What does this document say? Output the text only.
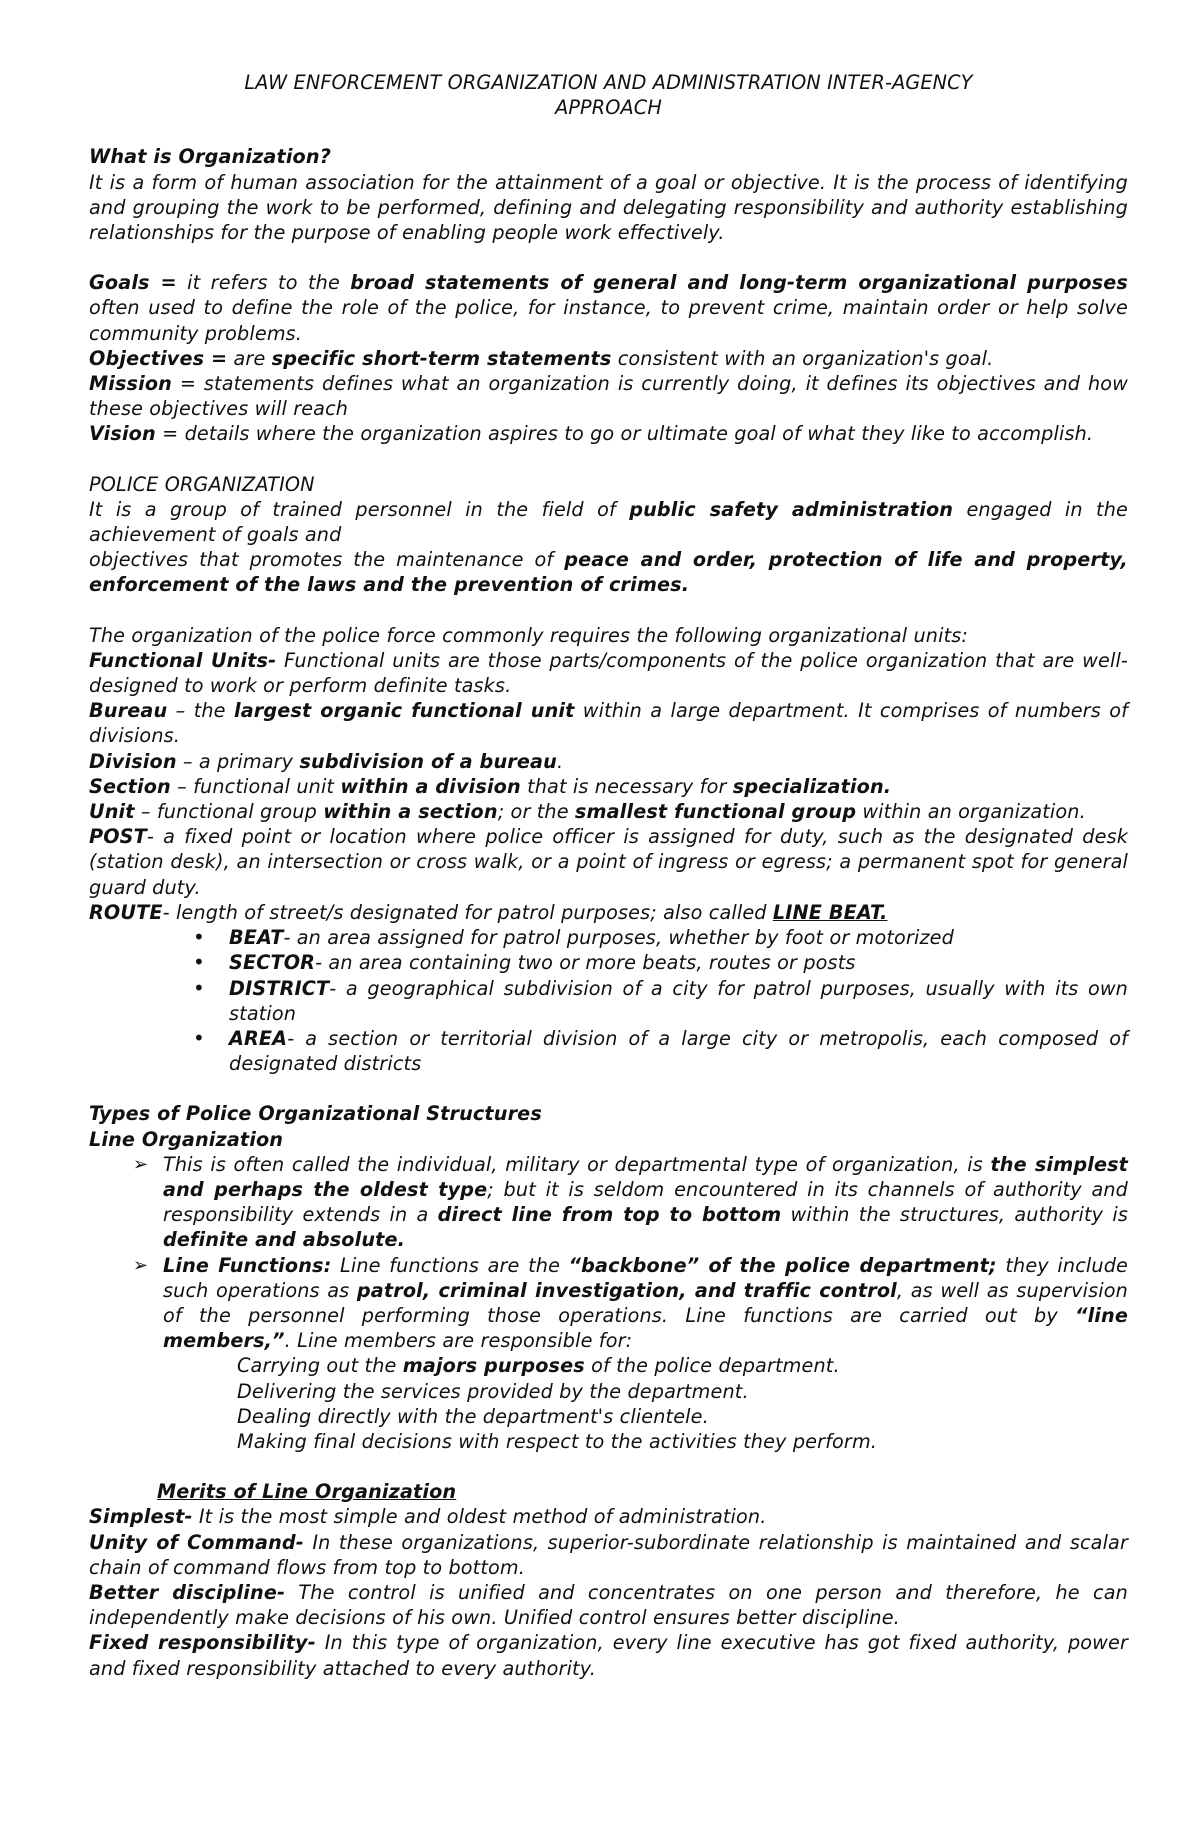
LAW ENFORCEMENT ORGANIZATION AND ADMINISTRATION INTER-AGENCY
APPROACH

What is Organization?

It is a form of human association for the attainment of a goal or objective. It is the process of identifying and grouping the work to be performed, defining and delegating responsibility and authority establishing relationships for the purpose of enabling people work effectively.

Goals = it refers to the broad statements of general and long-term organizational purposes often used to define the role of the police, for instance, to prevent crime, maintain order or help solve community problems.

Objectives = are specific short-term statements consistent with an organization's goal.

Mission = statements defines what an organization is currently doing, it defines its objectives and how these objectives will reach

Vision = details where the organization aspires to go or ultimate goal of what they like to accomplish.

POLICE ORGANIZATION

It is a group of trained personnel in the field of public safety administration engaged in the achievement of goals and

objectives that promotes the maintenance of peace and order, protection of life and property, enforcement of the laws and the prevention of crimes.

The organization of the police force commonly requires the following organizational units:

Functional Units- Functional units are those parts/components of the police organization that are well-designed to work or perform definite tasks.

Bureau – the largest organic functional unit within a large department. It comprises of numbers of divisions.

Division – a primary subdivision of a bureau.

Section – functional unit within a division that is necessary for specialization.

Unit – functional group within a section; or the smallest functional group within an organization.

POST- a fixed point or location where police officer is assigned for duty, such as the designated desk (station desk), an intersection or cross walk, or a point of ingress or egress; a permanent spot for general guard duty.

ROUTE- length of street/s designated for patrol purposes; also called LINE BEAT.

• BEAT- an area assigned for patrol purposes, whether by foot or motorized
• SECTOR- an area containing two or more beats, routes or posts
• DISTRICT- a geographical subdivision of a city for patrol purposes, usually with its own station
• AREA- a section or territorial division of a large city or metropolis, each composed of designated districts

Types of Police Organizational Structures

Line Organization

➢ This is often called the individual, military or departmental type of organization, is the simplest and perhaps the oldest type; but it is seldom encountered in its channels of authority and responsibility extends in a direct line from top to bottom within the structures, authority is definite and absolute.
➢ Line Functions: Line functions are the “backbone” of the police department; they include such operations as patrol, criminal investigation, and traffic control, as well as supervision of the personnel performing those operations. Line functions are carried out by “line members,”. Line members are responsible for:

Carrying out the majors purposes of the police department.

Delivering the services provided by the department.

Dealing directly with the department's clientele.

Making final decisions with respect to the activities they perform.

Merits of Line Organization

Simplest- It is the most simple and oldest method of administration.

Unity of Command- In these organizations, superior-subordinate relationship is maintained and scalar chain of command flows from top to bottom.

Better discipline- The control is unified and concentrates on one person and therefore, he can independently make decisions of his own. Unified control ensures better discipline.

Fixed responsibility- In this type of organization, every line executive has got fixed authority, power and fixed responsibility attached to every authority.
